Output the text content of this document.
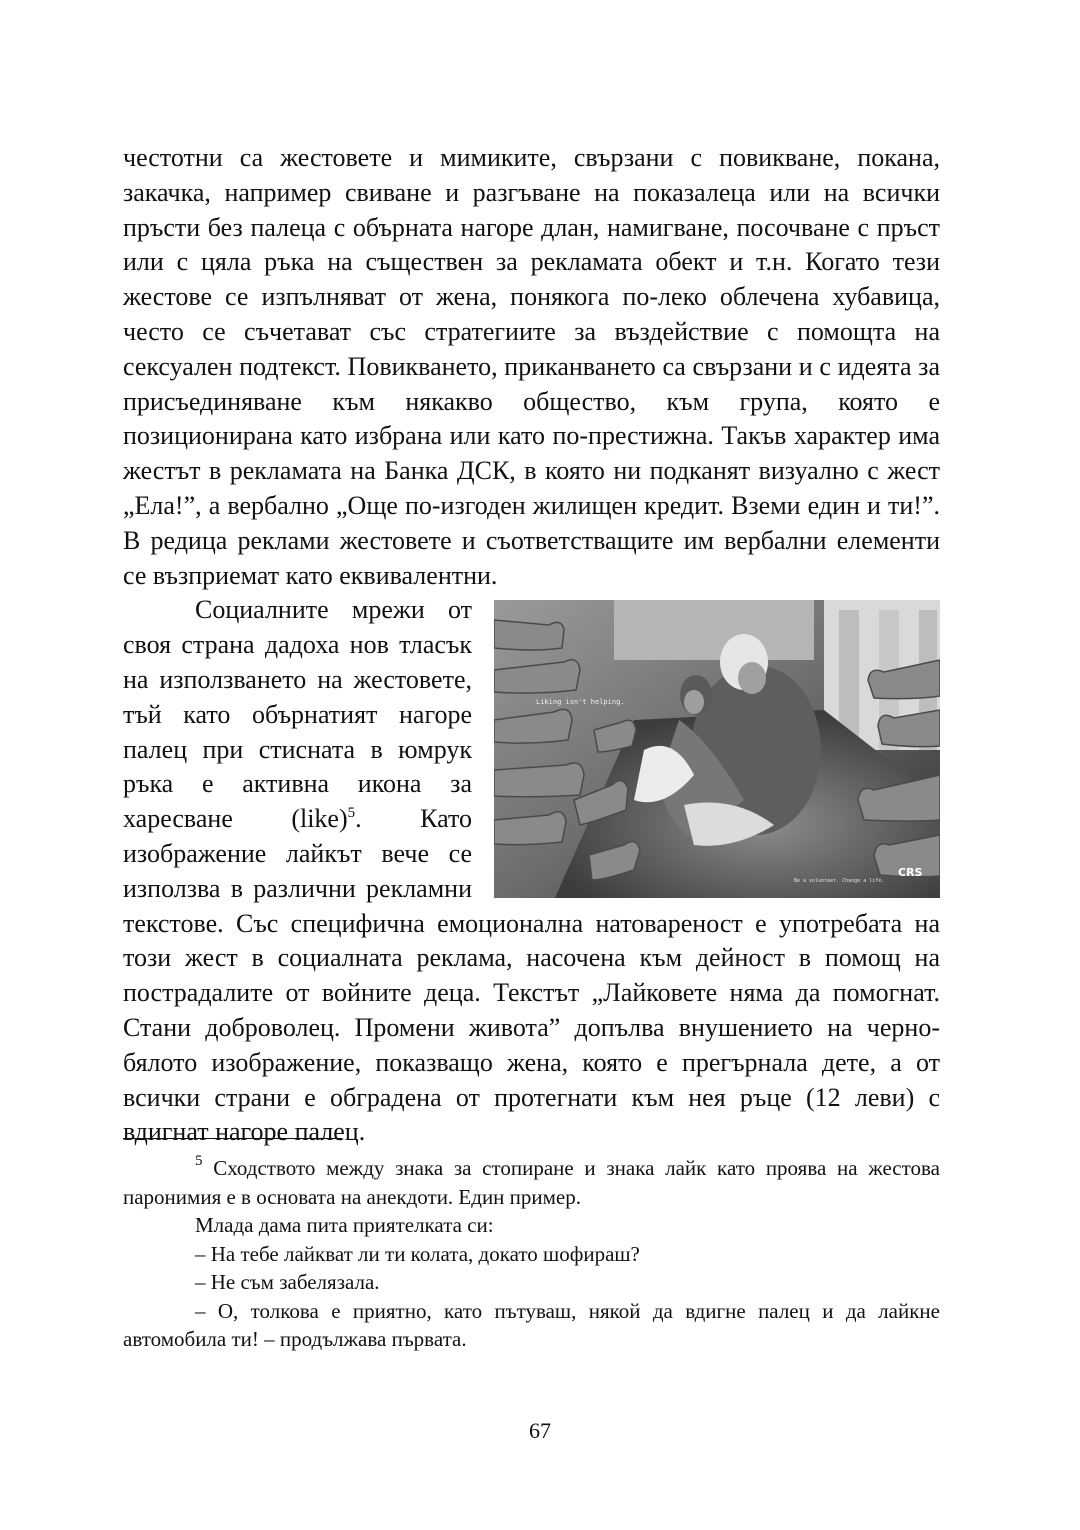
честотни са жестовете и мимиките, свързани с повикване, покана, закачка, например свиване и разгъване на показалеца или на всички пръсти без палеца с обърната нагоре длан, намигване, посочване с пръст или с цяла ръка на съществен за рекламата обект и т.н. Когато тези жестове се изпълняват от жена, понякога по-леко облечена хубавица, често се съчетават със стратегиите за въздействие с помощта на сексуален подтекст. Повикването, приканването са свързани и с идеята за присъединяване към някакво общество, към група, която е позиционирана като избрана или като по-престижна. Такъв характер има жестът в рекламата на Банка ДСК, в която ни подканят визуално с жест „Ела!”, а вербално „Още по-изгоден жилищен кредит. Вземи един и ти!”. В редица реклами жестовете и съответстващите им вербални елементи се възприемат като еквивалентни.

Liking isn't helping.
Be a volunteer. Change a life.
CRS

Социалните мрежи от своя страна дадоха нов тласък на използването на жестовете, тъй като обърнатият нагоре палец при стисната в юмрук ръка е активна икона за харесване (like)$^5$. Като изображение лайкът вече се използва в различни рекламни текстове. Със специфична емоционална натовареност е употребата на този жест в социалната реклама, насочена към дейност в помощ на пострадалите от войните деца. Текстът „Лайковете няма да помогнат. Стани доброволец. Промени живота” допълва внушението на черно-бялото изображение, показващо жена, която е прегърнала дете, а от всички страни е обградена от протегнати към нея ръце (12 леви) с вдигнат нагоре палец.

$^5$ Сходството между знака за стопиране и знака лайк като проява на жестова паронимия е в основата на анекдоти. Един пример.

Млада дама пита приятелката си:

– На тебе лайкват ли ти колата, докато шофираш?

– Не съм забелязала.

– О, толкова е приятно, като пътуваш, някой да вдигне палец и да лайкне автомобила ти! – продължава първата.

67
